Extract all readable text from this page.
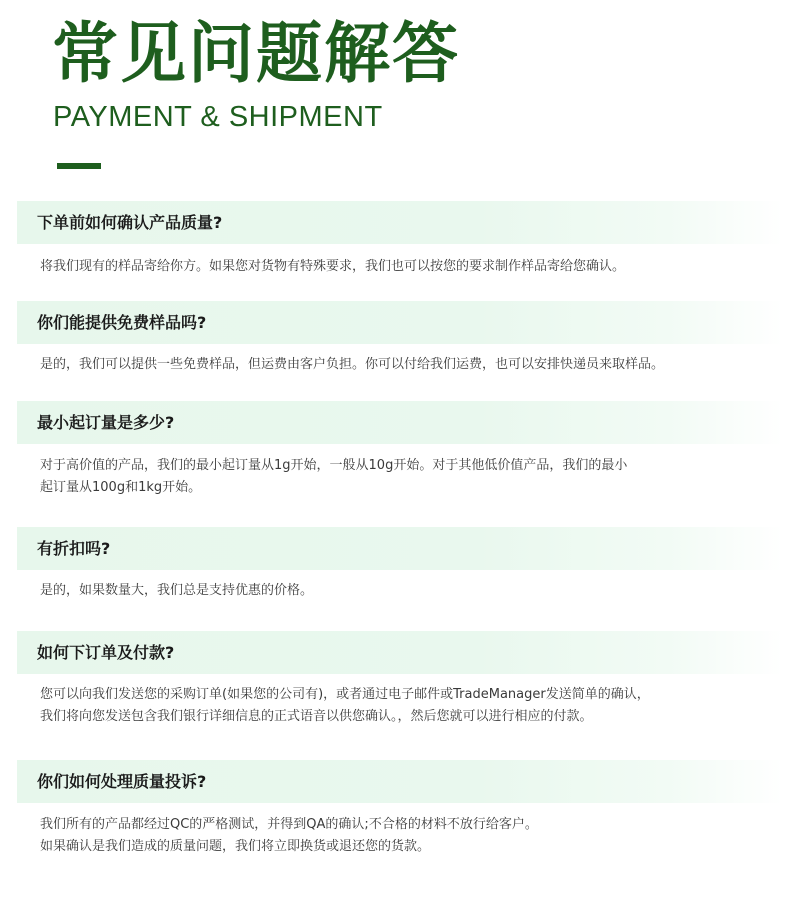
常见问题解答
PAYMENT & SHIPMENT
下单前如何确认产品质量?
将我们现有的样品寄给你方。如果您对货物有特殊要求，我们也可以按您的要求制作样品寄给您确认。
你们能提供免费样品吗?
是的，我们可以提供一些免费样品，但运费由客户负担。你可以付给我们运费，也可以安排快递员来取样品。
最小起订量是多少?
对于高价值的产品，我们的最小起订量从1g开始，一般从10g开始。对于其他低价值产品，我们的最小
起订量从100g和1kg开始。
有折扣吗?
是的，如果数量大，我们总是支持优惠的价格。
如何下订单及付款?
您可以向我们发送您的采购订单(如果您的公司有)，或者通过电子邮件或TradeManager发送简单的确认，
我们将向您发送包含我们银行详细信息的正式语音以供您确认。，然后您就可以进行相应的付款。
你们如何处理质量投诉?
我们所有的产品都经过QC的严格测试，并得到QA的确认;不合格的材料不放行给客户。
如果确认是我们造成的质量问题，我们将立即换货或退还您的货款。
